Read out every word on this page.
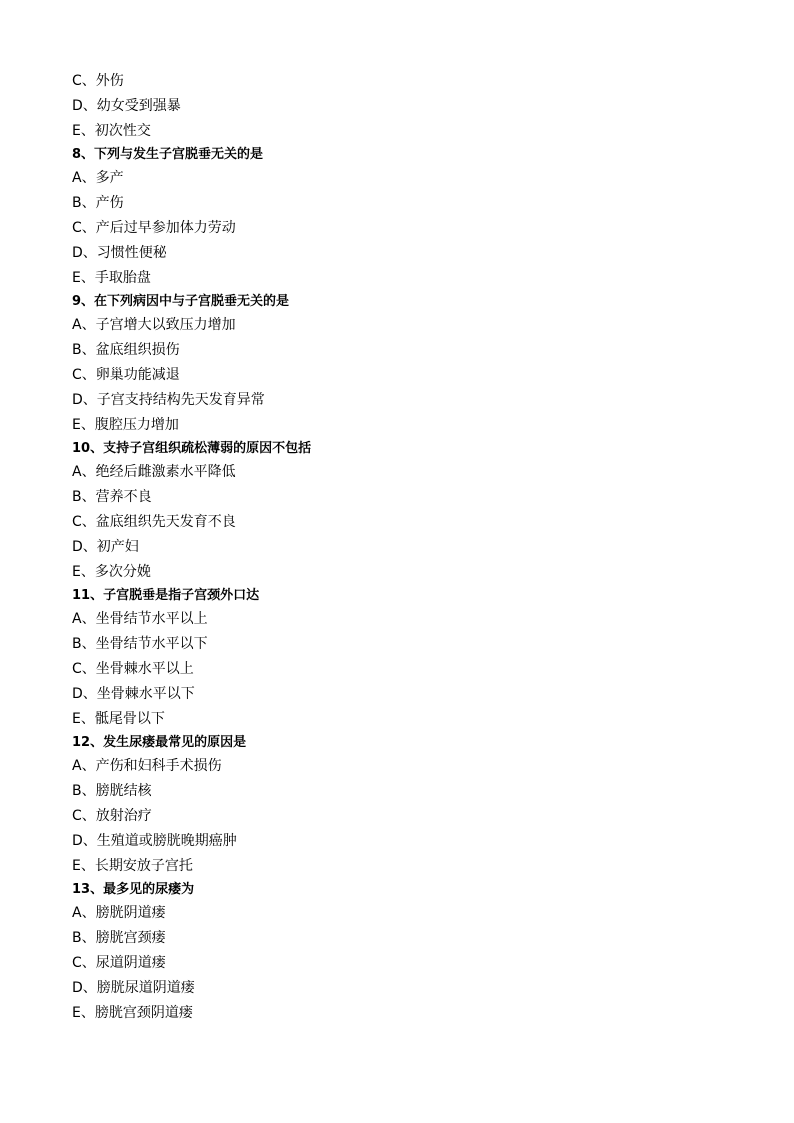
C、外伤
D、幼女受到强暴
E、初次性交
8、下列与发生子宫脱垂无关的是
A、多产
B、产伤
C、产后过早参加体力劳动
D、习惯性便秘
E、手取胎盘
9、在下列病因中与子宫脱垂无关的是
A、子宫增大以致压力增加
B、盆底组织损伤
C、卵巢功能减退
D、子宫支持结构先天发育异常
E、腹腔压力增加
10、支持子宫组织疏松薄弱的原因不包括
A、绝经后雌激素水平降低
B、营养不良
C、盆底组织先天发育不良
D、初产妇
E、多次分娩
11、子宫脱垂是指子宫颈外口达
A、坐骨结节水平以上
B、坐骨结节水平以下
C、坐骨棘水平以上
D、坐骨棘水平以下
E、骶尾骨以下
12、发生尿瘘最常见的原因是
A、产伤和妇科手术损伤
B、膀胱结核
C、放射治疗
D、生殖道或膀胱晚期癌肿
E、长期安放子宫托
13、最多见的尿瘘为
A、膀胱阴道瘘
B、膀胱宫颈瘘
C、尿道阴道瘘
D、膀胱尿道阴道瘘
E、膀胱宫颈阴道瘘
